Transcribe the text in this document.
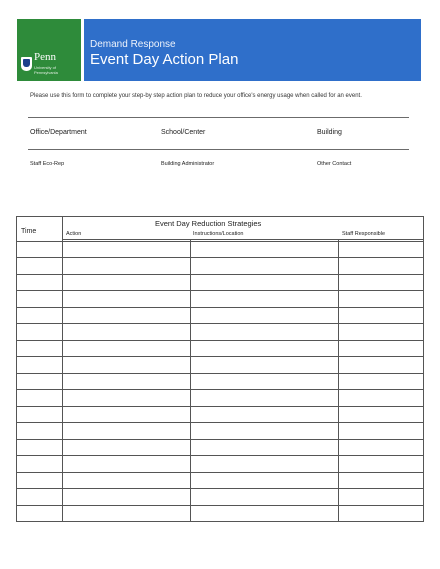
Penn
University of Pennsylvania
Demand Response
Event Day Action Plan
Please use this form to complete your step-by step action plan to reduce your office's energy usage when called for an event.
Office/Department	School/Center	Building
Staff Eco-Rep	Building Administrator	Other Contact
Event Day Reduction Strategies
Time	Action	Instructions/Location	Staff Responsible
